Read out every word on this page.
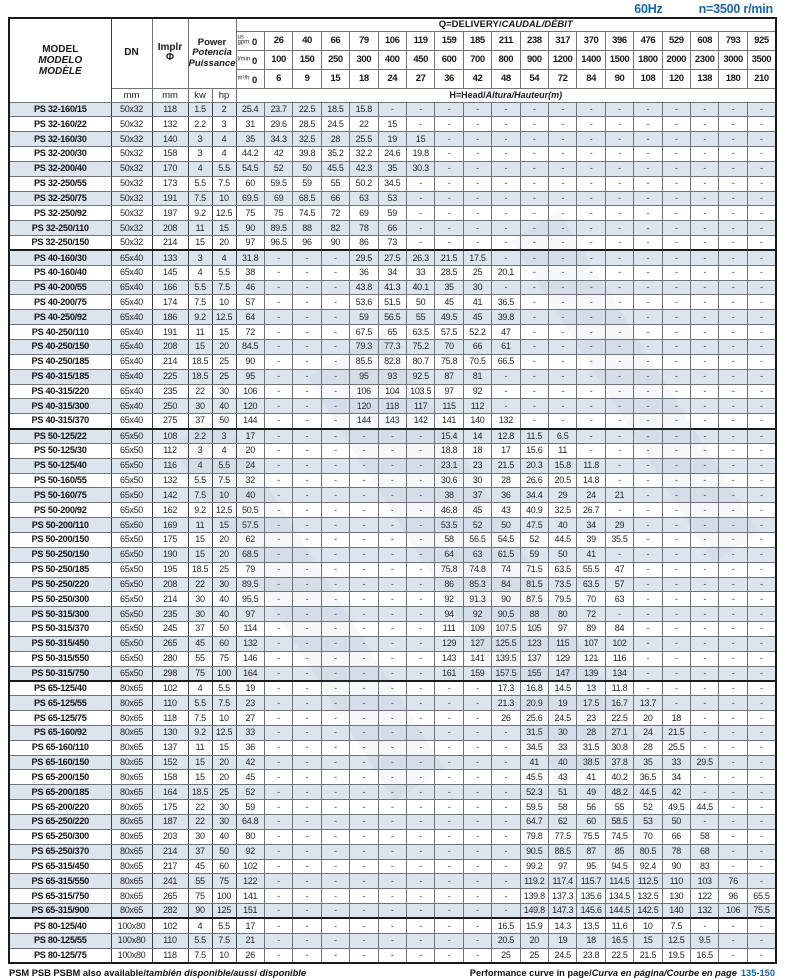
60Hz	n=3500 r/min
MODEL
MODELO
MODÈLE
	DN	Implr
Φ

Power
Potencia
Puissance
	Q=DELIVERY/CAUDAL/DÉBIT

					us
gpm 0	26	40	66	79	106	119	159	185	211	238	317	370	396	476	529	608	793	925

					l/min 0	100	150	250	300	400	450	600	700	800	900	1200	1400	1500	1800	2000	2300	3000	3500

					m³/h 0	6	9	15	18	24	27	36	42	48	54	72	84	90	108	120	138	180	210
	mm	mm	kw	hp	H=Head/Altura/Hauteur(m)																		
PS 32-160/15	50x32	118	1.5	2	25.4	23.7	22.5	18.5	15.8	-	-	-	-	-	-	-	-	-	-	-	-	-	-
PS 32-160/22	50x32	132	2.2	3	31	29.6	28.5	24.5	22	15	-	-	-	-	-	-	-	-	-	-	-	-	-
PS 32-160/30	50x32	140	3	4	35	34.3	32.5	28	25.5	19	15	-	-	-	-	-	-	-	-	-	-	-	-
PS 32-200/30	50x32	158	3	4	44.2	42	39.8	35.2	32.2	24.6	19.8	-	-	-	-	-	-	-	-	-	-	-	-
PS 32-200/40	50x32	170	4	5.5	54.5	52	50	45.5	42.3	35	30.3	-	-	-	-	-	-	-	-	-	-	-	-
PS 32-250/55	50x32	173	5.5	7.5	60	59.5	59	55	50.2	34.5	-	-	-	-	-	-	-	-	-	-	-	-	-
PS 32-250/75	50x32	191	7.5	10	69.5	69	68.5	66	63	53	-	-	-	-	-	-	-	-	-	-	-	-	-
PS 32-250/92	50x32	197	9.2	12.5	75	75	74.5	72	69	59	-	-	-	-	-	-	-	-	-	-	-	-	-
PS 32-250/110	50x32	208	11	15	90	89.5	88	82	78	66	-	-	-	-	-	-	-	-	-	-	-	-	-
PS 32-250/150	50x32	214	15	20	97	96.5	96	90	86	73	-	-	-	-	-	-	-	-	-	-	-	-	-
PS 40-160/30	65x40	133	3	4	31.8	-	-	-	29.5	27.5	26.3	21.5	17.5	-	-	-	-	-	-	-	-	-	-
PS 40-160/40	65x40	145	4	5.5	38	-	-	-	36	34	33	28.5	25	20.1	-	-	-	-	-	-	-	-	-
PS 40-200/55	65x40	166	5.5	7.5	46	-	-	-	43.8	41.3	40.1	35	30	-	-	-	-	-	-	-	-	-	-
PS 40-200/75	65x40	174	7.5	10	57	-	-	-	53.6	51.5	50	45	41	36.5	-	-	-	-	-	-	-	-	-
PS 40-250/92	65x40	186	9.2	12.5	64	-	-	-	59	56.5	55	49.5	45	39.8	-	-	-	-	-	-	-	-	-
PS 40-250/110	65x40	191	11	15	72	-	-	-	67.5	65	63.5	57.5	52.2	47	-	-	-	-	-	-	-	-	-
PS 40-250/150	65x40	208	15	20	84.5	-	-	-	79.3	77.3	75.2	70	66	61	-	-	-	-	-	-	-	-	-
PS 40-250/185	65x40	214	18.5	25	90	-	-	-	85.5	82.8	80.7	75.8	70.5	66.5	-	-	-	-	-	-	-	-	-
PS 40-315/185	65x40	225	18.5	25	95	-	-	-	95	93	92.5	87	81	-	-	-	-	-	-	-	-	-	-
PS 40-315/220	65x40	235	22	30	106	-	-	-	106	104	103.5	97	92	-	-	-	-	-	-	-	-	-	-
PS 40-315/300	65x40	250	30	40	120	-	-	-	120	118	117	115	112	-	-	-	-	-	-	-	-	-	-
PS 40-315/370	65x40	275	37	50	144	-	-	-	144	143	142	141	140	132	-	-	-	-	-	-	-	-	-
PS 50-125/22	65x50	108	2.2	3	17	-	-	-	-	-	-	15.4	14	12.8	11.5	6.5	-	-	-	-	-	-	-
PS 50-125/30	65x50	112	3	4	20	-	-	-	-	-	-	18.8	18	17	15.6	11	-	-	-	-	-	-	-
PS 50-125/40	65x50	116	4	5.5	24	-	-	-	-	-	-	23.1	23	21.5	20.3	15.8	11.8	-	-	-	-	-	-
PS 50-160/55	65x50	132	5.5	7.5	32	-	-	-	-	-	-	30.6	30	28	26.6	20.5	14.8	-	-	-	-	-	-
PS 50-160/75	65x50	142	7.5	10	40	-	-	-	-	-	-	38	37	36	34.4	29	24	21	-	-	-	-	-
PS 50-200/92	65x50	162	9.2	12.5	50.5	-	-	-	-	-	-	46.8	45	43	40.9	32.5	26.7	-	-	-	-	-	-
PS 50-200/110	65x50	169	11	15	57.5	-	-	-	-	-	-	53.5	52	50	47.5	40	34	29	-	-	-	-	-
PS 50-200/150	65x50	175	15	20	62	-	-	-	-	-	-	58	56.5	54.5	52	44.5	39	35.5	-	-	-	-	-
PS 50-250/150	65x50	190	15	20	68.5	-	-	-	-	-	-	64	63	61.5	59	50	41	-	-	-	-	-	-
PS 50-250/185	65x50	195	18.5	25	79	-	-	-	-	-	-	75.8	74.8	74	71.5	63.5	55.5	47	-	-	-	-	-
PS 50-250/220	65x50	208	22	30	89.5	-	-	-	-	-	-	86	85.3	84	81.5	73.5	63.5	57	-	-	-	-	-
PS 50-250/300	65x50	214	30	40	95.5	-	-	-	-	-	-	92	91.3	90	87.5	79.5	70	63	-	-	-	-	-
PS 50-315/300	65x50	235	30	40	97	-	-	-	-	-	-	94	92	90.5	88	80	72	-	-	-	-	-	-
PS 50-315/370	65x50	245	37	50	114	-	-	-	-	-	-	111	109	107.5	105	97	89	84	-	-	-	-	-
PS 50-315/450	65x50	265	45	60	132	-	-	-	-	-	-	129	127	125.5	123	115	107	102	-	-	-	-	-
PS 50-315/550	65x50	280	55	75	146	-	-	-	-	-	-	143	141	139.5	137	129	121	116	-	-	-	-	-
PS 50-315/750	65x50	298	75	100	164	-	-	-	-	-	-	161	159	157.5	155	147	139	134	-	-	-	-	-
PS 65-125/40	80x65	102	4	5.5	19	-	-	-	-	-	-	-	-	17.3	16.8	14.5	13	11.8	-	-	-	-	-
PS 65-125/55	80x65	110	5.5	7.5	23	-	-	-	-	-	-	-	-	21.3	20.9	19	17.5	16.7	13.7	-	-	-	-
PS 65-125/75	80x65	118	7.5	10	27	-	-	-	-	-	-	-	-	26	25.6	24.5	23	22.5	20	18	-	-	-
PS 65-160/92	80x65	130	9.2	12.5	33	-	-	-	-	-	-	-	-	-	31.5	30	28	27.1	24	21.5	-	-	-
PS 65-160/110	80x65	137	11	15	36	-	-	-	-	-	-	-	-	-	34.5	33	31.5	30.8	28	25.5	-	-	-
PS 65-160/150	80x65	152	15	20	42	-	-	-	-	-	-	-	-	-	41	40	38.5	37.8	35	33	29.5	-	-
PS 65-200/150	80x65	158	15	20	45	-	-	-	-	-	-	-	-	-	45.5	43	41	40.2	36.5	34	-	-	-
PS 65-200/185	80x65	164	18.5	25	52	-	-	-	-	-	-	-	-	-	52.3	51	49	48.2	44.5	42	-	-	-
PS 65-200/220	80x65	175	22	30	59	-	-	-	-	-	-	-	-	-	59.5	58	56	55	52	49.5	44.5	-	-
PS 65-250/220	80x65	187	22	30	64.8	-	-	-	-	-	-	-	-	-	64.7	62	60	58.5	53	50	-	-	-
PS 65-250/300	80x65	203	30	40	80	-	-	-	-	-	-	-	-	-	79.8	77.5	75.5	74.5	70	66	58	-	-
PS 65-250/370	80x65	214	37	50	92	-	-	-	-	-	-	-	-	-	90.5	88.5	87	85	80.5	78	68	-	-
PS 65-315/450	80x65	217	45	60	102	-	-	-	-	-	-	-	-	-	99.2	97	95	94.5	92.4	90	83	-	-
PS 65-315/550	80x65	241	55	75	122	-	-	-	-	-	-	-	-	-	119.2	117.4	115.7	114.5	112.5	110	103	76	-
PS 65-315/750	80x65	265	75	100	141	-	-	-	-	-	-	-	-	-	139.8	137.3	135.6	134.5	132.5	130	122	96	65.5
PS 65-315/900	80x65	282	90	125	151	-	-	-	-	-	-	-	-	-	149.8	147.3	145.6	144.5	142.5	140	132	106	75.5
PS 80-125/40	100x80	102	4	5.5	17	-	-	-	-	-	-	-	-	16.5	15.9	14.3	13.5	11.6	10	7.5	-	-	-
PS 80-125/55	100x80	110	5.5	7.5	21	-	-	-	-	-	-	-	-	20.5	20	19	18	16.5	15	12.5	9.5	-	-
PS 80-125/75	100x80	118	7.5	10	26	-	-	-	-	-	-	-	-	25	25	24.5	23.8	22.5	21.5	19.5	16.5	-	-
PSM PSB PSBM also available/también disponible/aussi disponible	Performance curve in page/Curva en página/Courbe en page 135-150
